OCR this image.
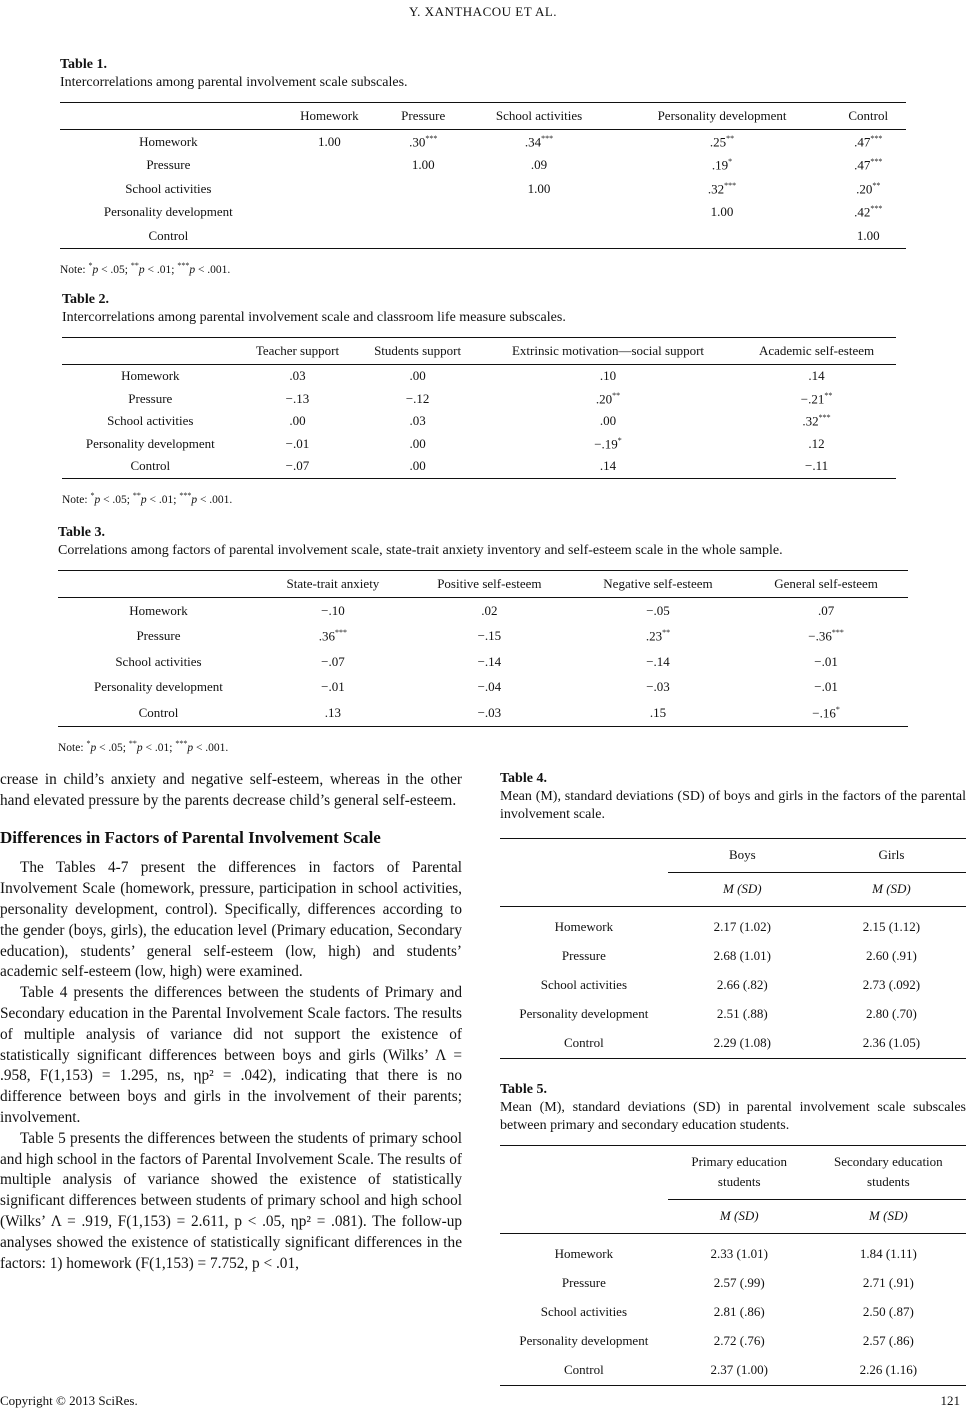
Y. XANTHACOU ET AL.
Table 1.
Intercorrelations among parental involvement scale subscales.
	Homework	Pressure	School activities	Personality development	Control
Homework	1.00	.30***	.34***	.25**	.47***
Pressure		1.00	.09	.19*	.47***
School activities			1.00	.32***	.20**
Personality development				1.00	.42***
Control					1.00
Note: *p < .05; **p < .01; ***p < .001.
Table 2.
Intercorrelations among parental involvement scale and classroom life measure subscales.
	Teacher support	Students support	Extrinsic motivation—social support	Academic self-esteem
Homework	.03	.00	.10	.14
Pressure	−.13	−.12	.20**	−.21**
School activities	.00	.03	.00	.32***
Personality development	−.01	.00	−.19*	.12
Control	−.07	.00	.14	−.11
Note: *p < .05; **p < .01; ***p < .001.
Table 3.
Correlations among factors of parental involvement scale, state-trait anxiety inventory and self-esteem scale in the whole sample.
	State-trait anxiety	Positive self-esteem	Negative self-esteem	General self-esteem
Homework	−.10	.02	−.05	.07
Pressure	.36***	−.15	.23**	−.36***
School activities	−.07	−.14	−.14	−.01
Personality development	−.01	−.04	−.03	−.01
Control	.13	−.03	.15	−.16*
Note: *p < .05; **p < .01; ***p < .001.

crease in child’s anxiety and negative self-esteem, whereas in the other hand elevated pressure by the parents decrease child’s general self-esteem.

Differences in Factors of Parental Involvement Scale

The Tables 4-7 present the differences in factors of Parental Involvement Scale (homework, pressure, participation in school activities, personality development, control). Specifically, differences according to the gender (boys, girls), the education level (Primary education, Secondary education), students’ general self-esteem (low, high) and students’ academic self-esteem (low, high) were examined.

Table 4 presents the differences between the students of Primary and Secondary education in the Parental Involvement Scale factors. The results of multiple analysis of variance did not support the existence of statistically significant differences between boys and girls (Wilks’ Λ = .958, F(1,153) = 1.295, ns, ηp² = .042), indicating that there is no difference between boys and girls in the involvement of their parents; involvement.

Table 5 presents the differences between the students of primary school and high school in the factors of Parental Involvement Scale. The results of multiple analysis of variance showed the existence of statistically significant differences between students of primary school and high school (Wilks’ Λ = .919, F(1,153) = 2.611, p < .05, ηp² = .081). The follow-up analyses showed the existence of statistically significant differences in the factors: 1) homework (F(1,153) = 7.752, p < .01,

Table 4.
Mean (M), standard deviations (SD) of boys and girls in the factors of the parental involvement scale.
	Boys	Girls
	M (SD)	M (SD)
Homework	2.17 (1.02)	2.15 (1.12)
Pressure	2.68 (1.01)	2.60 (.91)
School activities	2.66 (.82)	2.73 (.092)
Personality development	2.51 (.88)	2.80 (.70)
Control	2.29 (1.08)	2.36 (1.05)
Table 5.
Mean (M), standard deviations (SD) in parental involvement scale subscales between primary and secondary education students.
	Primary education students	Secondary education students
	M (SD)	M (SD)
Homework	2.33 (1.01)	1.84 (1.11)
Pressure	2.57 (.99)	2.71 (.91)
School activities	2.81 (.86)	2.50 (.87)
Personality development	2.72 (.76)	2.57 (.86)
Control	2.37 (1.00)	2.26 (1.16)
Copyright © 2013 SciRes.	121
